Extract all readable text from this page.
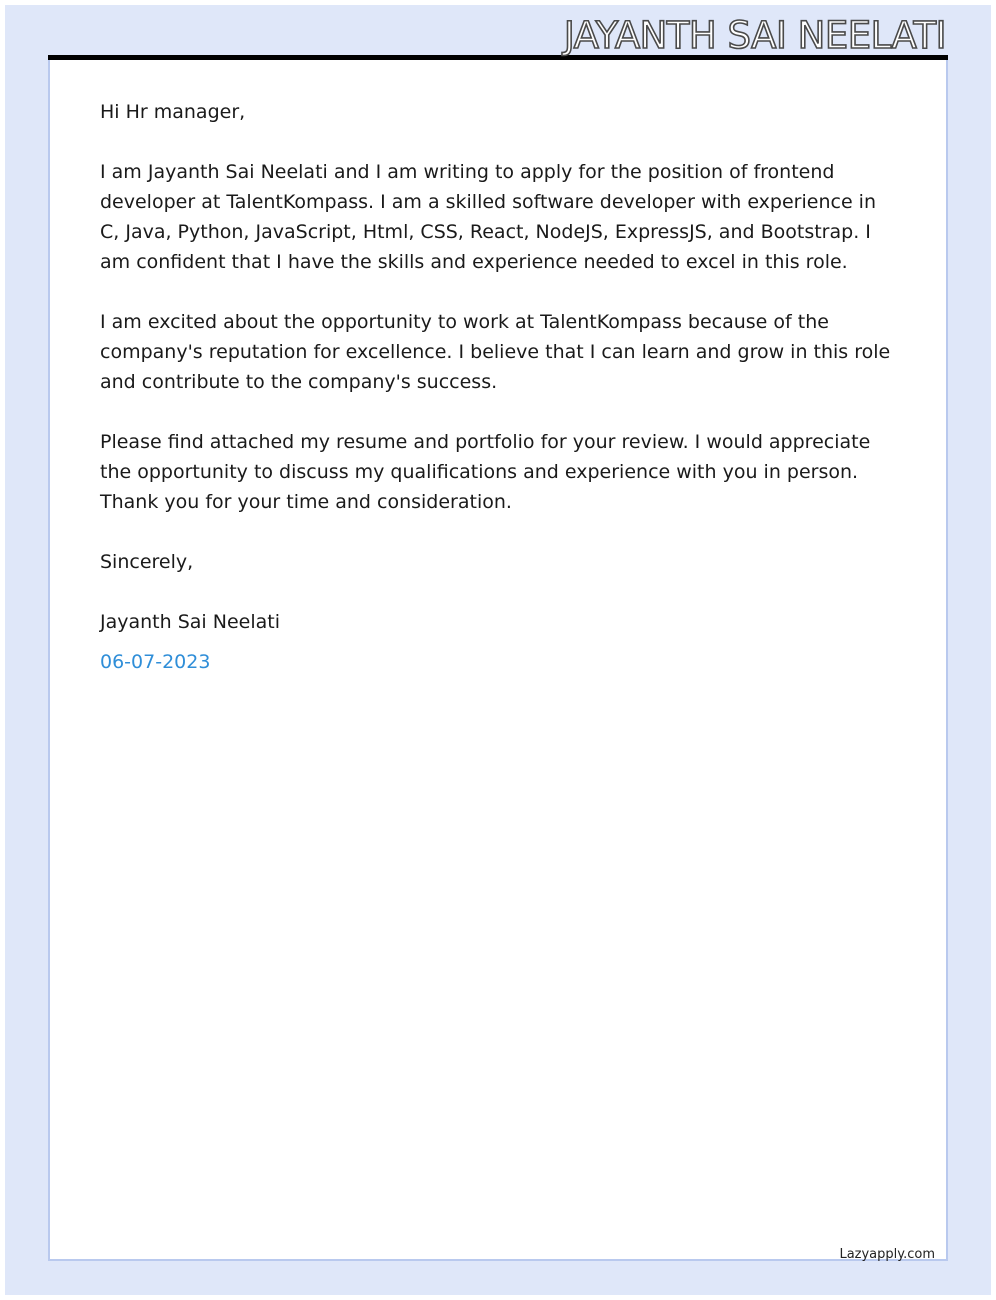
JAYANTH SAI NEELATI

Hi Hr manager,

I am Jayanth Sai Neelati and I am writing to apply for the position of frontend developer at TalentKompass. I am a skilled software developer with experience in C, Java, Python, JavaScript, Html, CSS, React, NodeJS, ExpressJS, and Bootstrap. I am confident that I have the skills and experience needed to excel in this role.

I am excited about the opportunity to work at TalentKompass because of the company's reputation for excellence. I believe that I can learn and grow in this role and contribute to the company's success.

Please find attached my resume and portfolio for your review. I would appreciate the opportunity to discuss my qualifications and experience with you in person. Thank you for your time and consideration.

Sincerely,

Jayanth Sai Neelati

06-07-2023

Lazyapply.com
